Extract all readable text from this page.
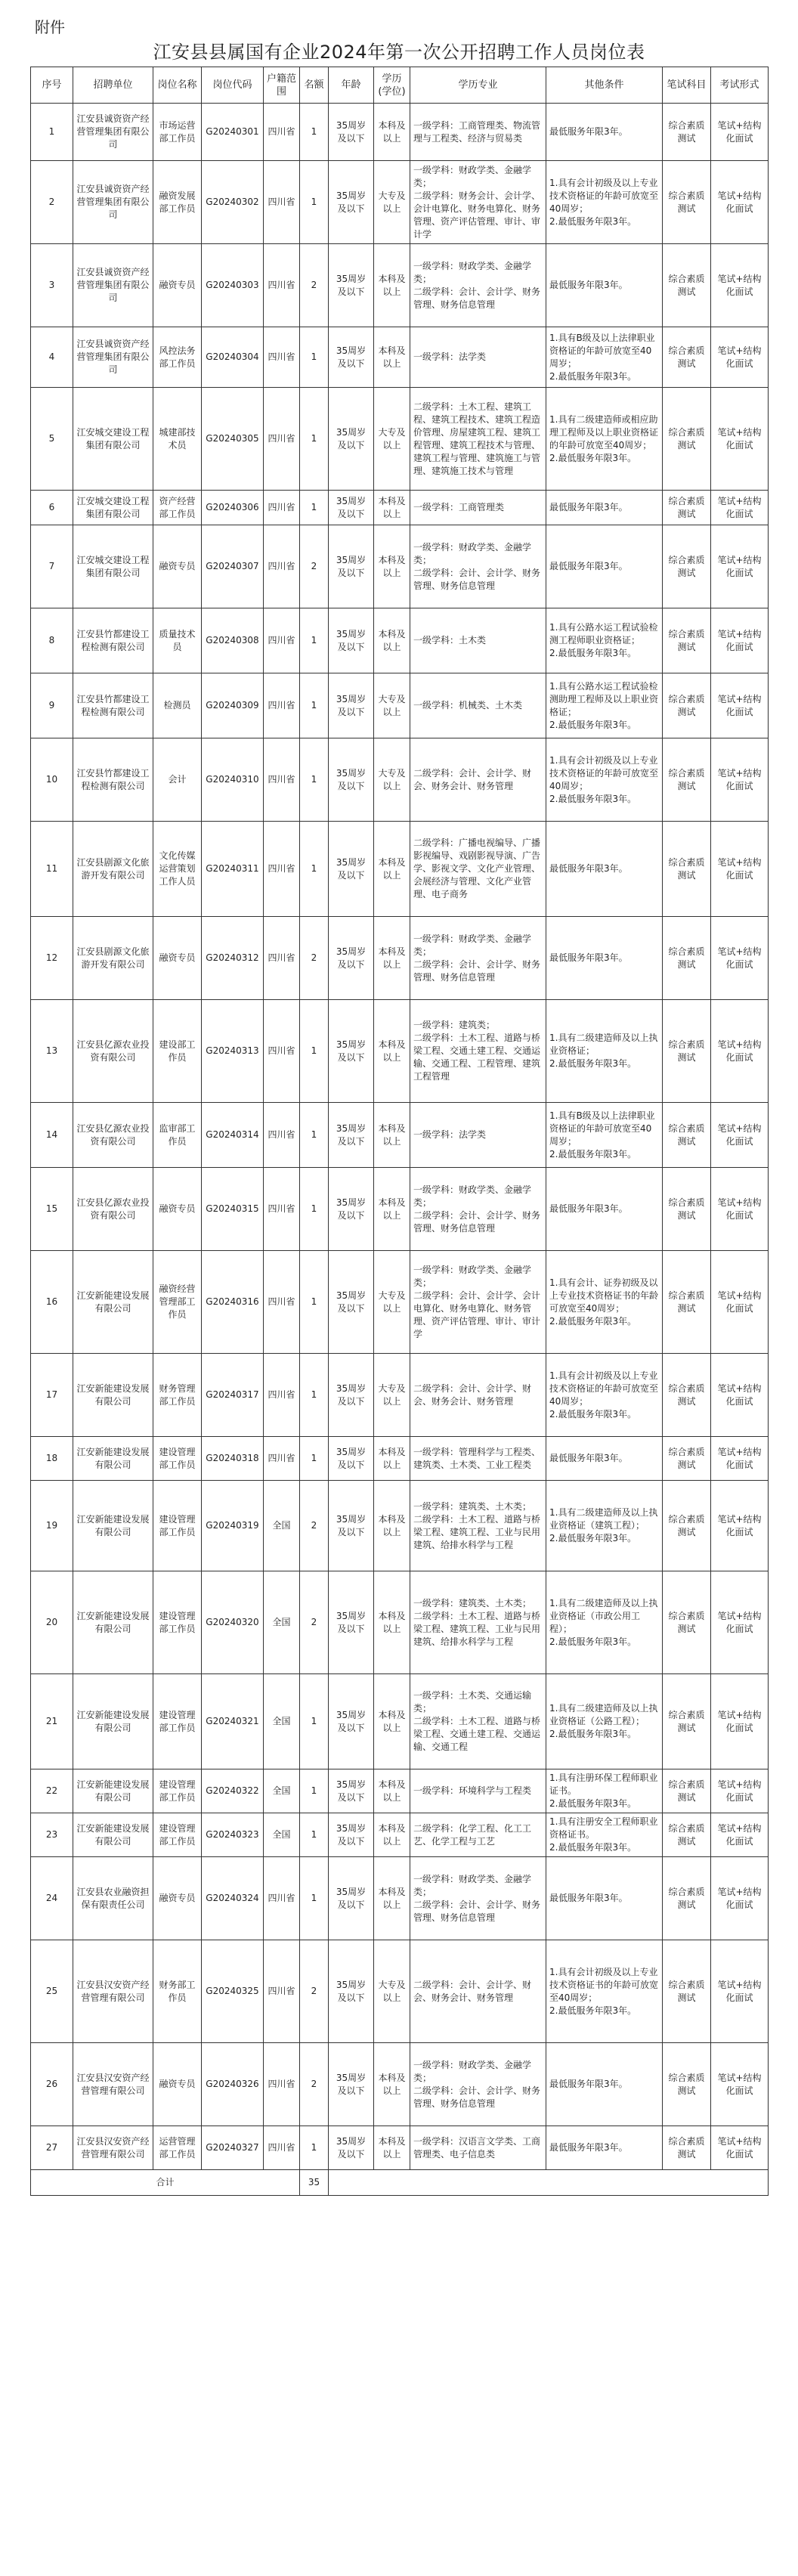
附件
江安县县属国有企业2024年第一次公开招聘工作人员岗位表
序号	招聘单位	岗位名称	岗位代码	户籍范围	名额	年龄	学历(学位)	学历专业	其他条件	笔试科目	考试形式
1	江安县诚资资产经营管理集团有限公司	市场运营部工作员	G20240301	四川省	1	35周岁及以下	本科及以上	一级学科：工商管理类、物流管理与工程类、经济与贸易类	最低服务年限3年。	综合素质测试	笔试+结构化面试
2	江安县诚资资产经营管理集团有限公司	融资发展部工作员	G20240302	四川省	1	35周岁及以下	大专及以上	一级学科：财政学类、金融学类；
二级学科：财务会计、会计学、会计电算化、财务电算化、财务管理、资产评估管理、审计、审计学	1.具有会计初级及以上专业技术资格证的年龄可放宽至40周岁；
2.最低服务年限3年。	综合素质测试	笔试+结构化面试
3	江安县诚资资产经营管理集团有限公司	融资专员	G20240303	四川省	2	35周岁及以下	本科及以上	一级学科：财政学类、金融学类；
二级学科：会计、会计学、财务管理、财务信息管理	最低服务年限3年。	综合素质测试	笔试+结构化面试
4	江安县诚资资产经营管理集团有限公司	风控法务部工作员	G20240304	四川省	1	35周岁及以下	本科及以上	一级学科：法学类	1.具有B级及以上法律职业资格证的年龄可放宽至40周岁；
2.最低服务年限3年。	综合素质测试	笔试+结构化面试
5	江安城交建设工程集团有限公司	城建部技术员	G20240305	四川省	1	35周岁及以下	大专及以上	二级学科：土木工程、建筑工程、建筑工程技术、建筑工程造价管理、房屋建筑工程、建筑工程管理、建筑工程技术与管理、建筑工程与管理、建筑施工与管理、建筑施工技术与管理	1.具有二级建造师或相应助理工程师及以上职业资格证的年龄可放宽至40周岁；
2.最低服务年限3年。	综合素质测试	笔试+结构化面试
6	江安城交建设工程集团有限公司	资产经营部工作员	G20240306	四川省	1	35周岁及以下	本科及以上	一级学科：工商管理类	最低服务年限3年。	综合素质测试	笔试+结构化面试
7	江安城交建设工程集团有限公司	融资专员	G20240307	四川省	2	35周岁及以下	本科及以上	一级学科：财政学类、金融学类；
二级学科：会计、会计学、财务管理、财务信息管理	最低服务年限3年。	综合素质测试	笔试+结构化面试
8	江安县竹都建设工程检测有限公司	质量技术员	G20240308	四川省	1	35周岁及以下	本科及以上	一级学科：土木类	1.具有公路水运工程试验检测工程师职业资格证；
2.最低服务年限3年。	综合素质测试	笔试+结构化面试
9	江安县竹都建设工程检测有限公司	检测员	G20240309	四川省	1	35周岁及以下	大专及以上	一级学科：机械类、土木类	1.具有公路水运工程试验检测助理工程师及以上职业资格证；
2.最低服务年限3年。	综合素质测试	笔试+结构化面试
10	江安县竹都建设工程检测有限公司	会计	G20240310	四川省	1	35周岁及以下	大专及以上	二级学科：会计、会计学、财会、财务会计、财务管理	1.具有会计初级及以上专业技术资格证的年龄可放宽至40周岁；
2.最低服务年限3年。	综合素质测试	笔试+结构化面试
11	江安县剧源文化旅游开发有限公司	文化传媒运营策划工作人员	G20240311	四川省	1	35周岁及以下	本科及以上	二级学科：广播电视编导、广播影视编导、戏剧影视导演、广告学、影视文学、文化产业管理、会展经济与管理、文化产业管理、电子商务	最低服务年限3年。	综合素质测试	笔试+结构化面试
12	江安县剧源文化旅游开发有限公司	融资专员	G20240312	四川省	2	35周岁及以下	本科及以上	一级学科：财政学类、金融学类；
二级学科：会计、会计学、财务管理、财务信息管理	最低服务年限3年。	综合素质测试	笔试+结构化面试
13	江安县亿源农业投资有限公司	建设部工作员	G20240313	四川省	1	35周岁及以下	本科及以上	一级学科：建筑类；
二级学科：土木工程、道路与桥梁工程、交通土建工程、交通运输、交通工程、工程管理、建筑工程管理	1.具有二级建造师及以上执业资格证；
2.最低服务年限3年。	综合素质测试	笔试+结构化面试
14	江安县亿源农业投资有限公司	监审部工作员	G20240314	四川省	1	35周岁及以下	本科及以上	一级学科：法学类	1.具有B级及以上法律职业资格证的年龄可放宽至40周岁；
2.最低服务年限3年。	综合素质测试	笔试+结构化面试
15	江安县亿源农业投资有限公司	融资专员	G20240315	四川省	1	35周岁及以下	本科及以上	一级学科：财政学类、金融学类；
二级学科：会计、会计学、财务管理、财务信息管理	最低服务年限3年。	综合素质测试	笔试+结构化面试
16	江安新能建设发展有限公司	融资经营管理部工作员	G20240316	四川省	1	35周岁及以下	大专及以上	一级学科：财政学类、金融学类；
二级学科：会计、会计学、会计电算化、财务电算化、财务管理、资产评估管理、审计、审计学	1.具有会计、证券初级及以上专业技术资格证书的年龄可放宽至40周岁；
2.最低服务年限3年。	综合素质测试	笔试+结构化面试
17	江安新能建设发展有限公司	财务管理部工作员	G20240317	四川省	1	35周岁及以下	大专及以上	二级学科：会计、会计学、财会、财务会计、财务管理	1.具有会计初级及以上专业技术资格证的年龄可放宽至40周岁；
2.最低服务年限3年。	综合素质测试	笔试+结构化面试
18	江安新能建设发展有限公司	建设管理部工作员	G20240318	四川省	1	35周岁及以下	本科及以上	一级学科：管理科学与工程类、建筑类、土木类、工业工程类	最低服务年限3年。	综合素质测试	笔试+结构化面试
19	江安新能建设发展有限公司	建设管理部工作员	G20240319	全国	2	35周岁及以下	本科及以上	一级学科：建筑类、土木类；
二级学科：土木工程、道路与桥梁工程、建筑工程、工业与民用建筑、给排水科学与工程	1.具有二级建造师及以上执业资格证（建筑工程）；
2.最低服务年限3年。	综合素质测试	笔试+结构化面试
20	江安新能建设发展有限公司	建设管理部工作员	G20240320	全国	2	35周岁及以下	本科及以上	一级学科：建筑类、土木类；
二级学科：土木工程、道路与桥梁工程、建筑工程、工业与民用建筑、给排水科学与工程	1.具有二级建造师及以上执业资格证（市政公用工程）；
2.最低服务年限3年。	综合素质测试	笔试+结构化面试
21	江安新能建设发展有限公司	建设管理部工作员	G20240321	全国	1	35周岁及以下	本科及以上	一级学科：土木类、交通运输类；
二级学科：土木工程、道路与桥梁工程、交通土建工程、交通运输、交通工程	1.具有二级建造师及以上执业资格证（公路工程）；
2.最低服务年限3年。	综合素质测试	笔试+结构化面试
22	江安新能建设发展有限公司	建设管理部工作员	G20240322	全国	1	35周岁及以下	本科及以上	一级学科：环境科学与工程类	1.具有注册环保工程师职业证书。
2.最低服务年限3年。	综合素质测试	笔试+结构化面试
23	江安新能建设发展有限公司	建设管理部工作员	G20240323	全国	1	35周岁及以下	本科及以上	二级学科：化学工程、化工工艺、化学工程与工艺	1.具有注册安全工程师职业资格证书。
2.最低服务年限3年。	综合素质测试	笔试+结构化面试
24	江安县农业融资担保有限责任公司	融资专员	G20240324	四川省	1	35周岁及以下	本科及以上	一级学科：财政学类、金融学类；
二级学科：会计、会计学、财务管理、财务信息管理	最低服务年限3年。	综合素质测试	笔试+结构化面试
25	江安县汉安资产经营管理有限公司	财务部工作员	G20240325	四川省	2	35周岁及以下	大专及以上	二级学科：会计、会计学、财会、财务会计、财务管理	1.具有会计初级及以上专业技术资格证书的年龄可放宽至40周岁；
2.最低服务年限3年。	综合素质测试	笔试+结构化面试
26	江安县汉安资产经营管理有限公司	融资专员	G20240326	四川省	2	35周岁及以下	本科及以上	一级学科：财政学类、金融学类；
二级学科：会计、会计学、财务管理、财务信息管理	最低服务年限3年。	综合素质测试	笔试+结构化面试
27	江安县汉安资产经营管理有限公司	运营管理部工作员	G20240327	四川省	1	35周岁及以下	本科及以上	一级学科：汉语言文学类、工商管理类、电子信息类	最低服务年限3年。	综合素质测试	笔试+结构化面试
合计					35						
